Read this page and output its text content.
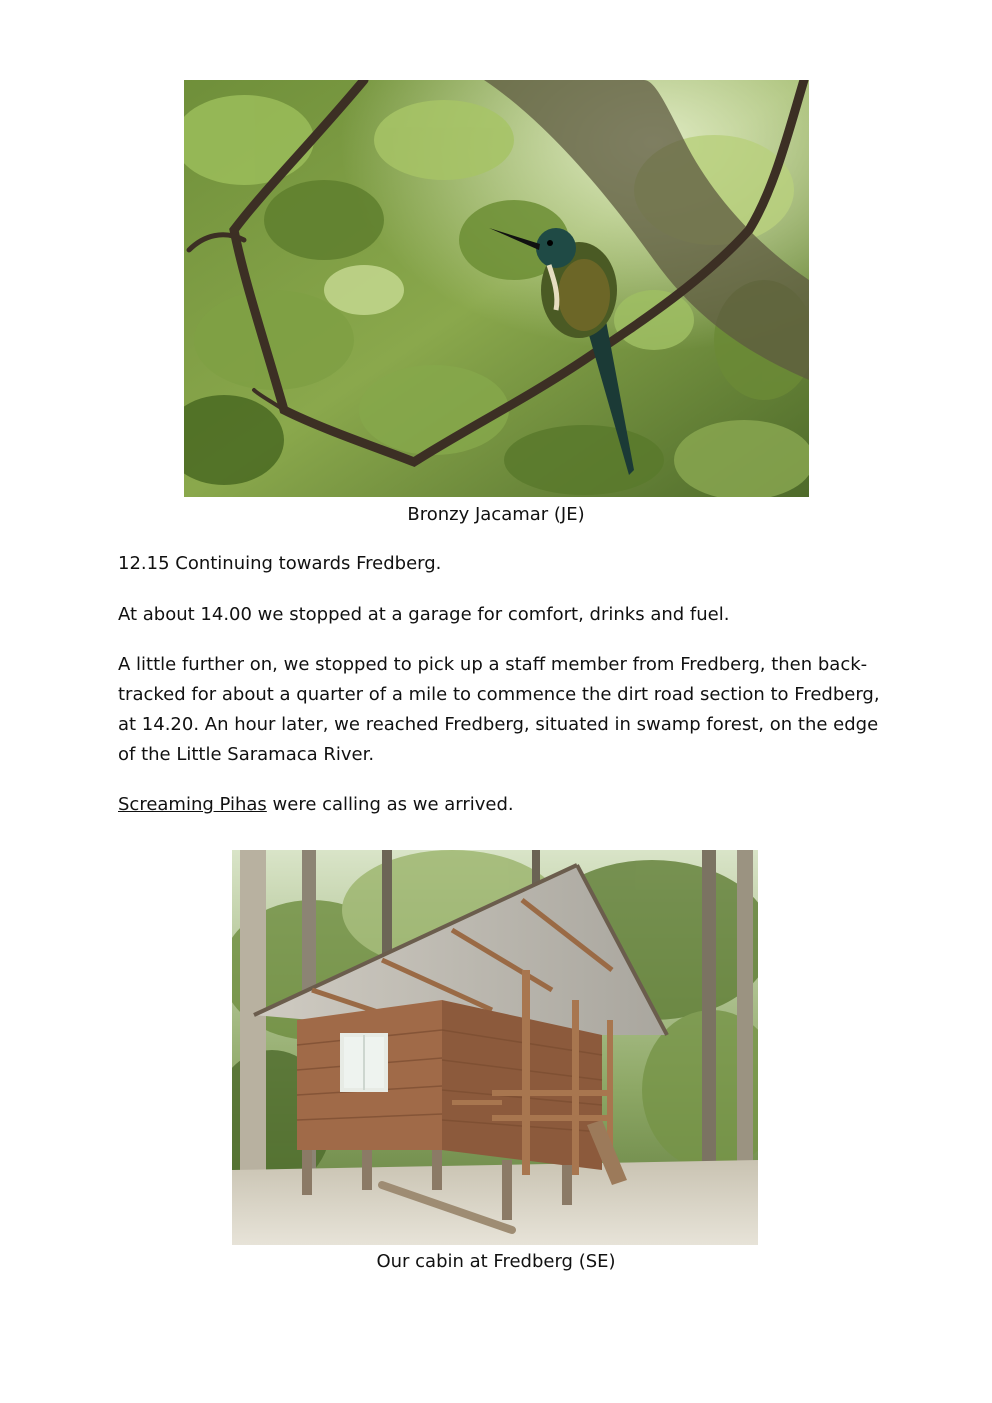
Bronzy Jacamar (JE)

12.15 Continuing towards Fredberg.

At about 14.00 we stopped at a garage for comfort, drinks and fuel.

A little further on, we stopped to pick up a staff member from Fredberg, then back-tracked for about a quarter of a mile to commence the dirt road section to Fredberg, at 14.20. An hour later, we reached Fredberg, situated in swamp forest, on the edge of the Little Saramaca River.

Screaming Pihas were calling as we arrived.

Our cabin at Fredberg (SE)
